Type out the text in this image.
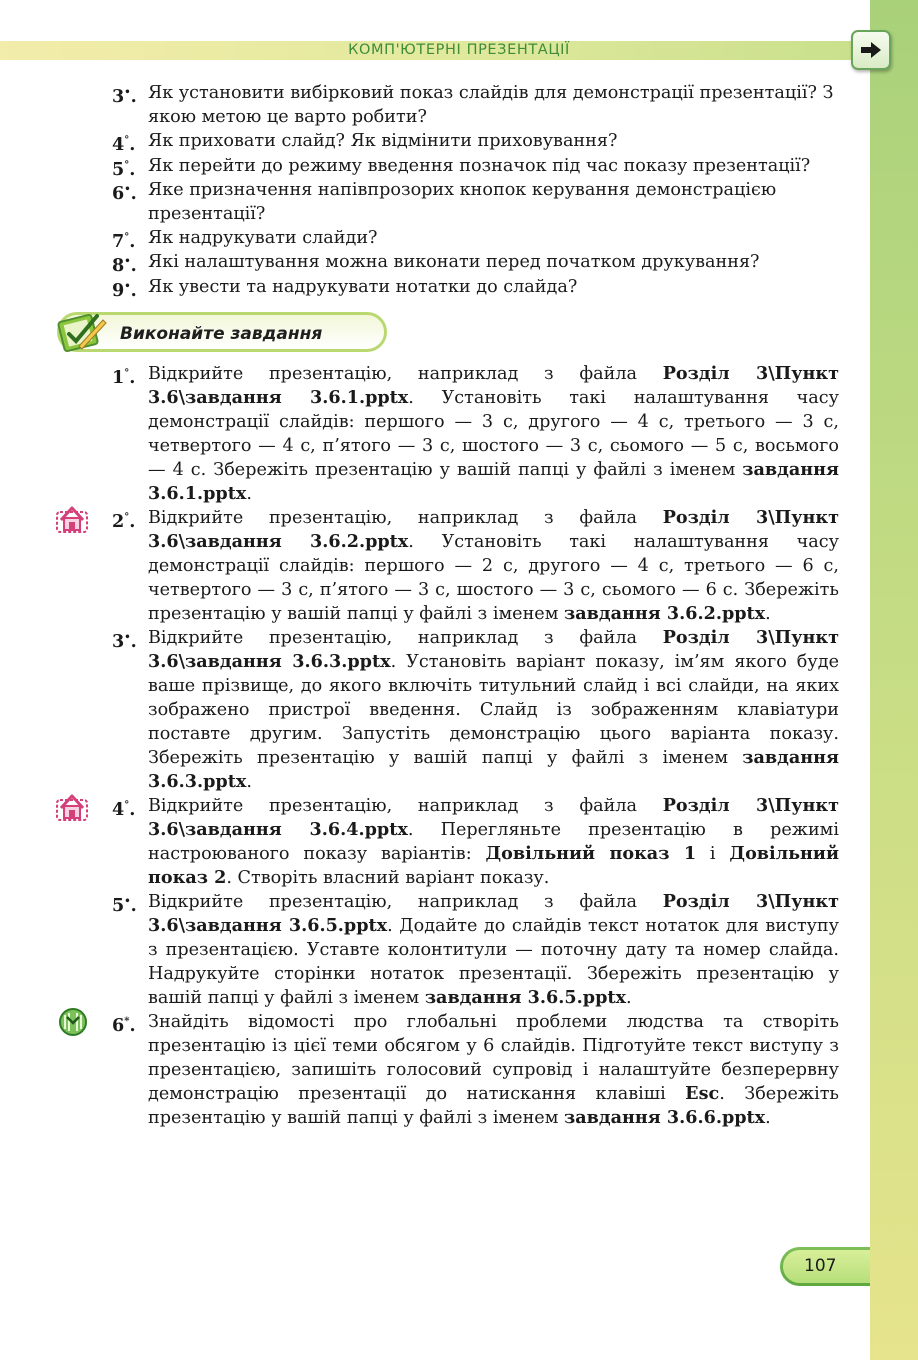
КОМП'ЮТЕРНІ ПРЕЗЕНТАЦІЇ
3•. Як установити вибірковий показ слайдів для демонстрації презентації? З якою метою це варто робити?
4°. Як приховати слайд? Як відмінити приховування?
5°. Як перейти до режиму введення позначок під час показу презентації?
6•. Яке призначення напівпрозорих кнопок керування демонстрацією презентації?
7°. Як надрукувати слайди?
8•. Які налаштування можна виконати перед початком друкування?
9•. Як увести та надрукувати нотатки до слайда?
Виконайте завдання
1°. Відкрийте презентацію, наприклад з файла Розділ 3\Пункт 3.6\завдання 3.6.1.pptx. Установіть такі налаштування часу демонстрації слайдів: першого — 3 с, другого — 4 с, третього — 3 с, четвертого — 4 с, п’ятого — 3 с, шостого — 3 с, сьомого — 5 с, восьмого — 4 с. Збережіть презентацію у вашій папці у файлі з іменем завдання 3.6.1.pptx.
2°. Відкрийте презентацію, наприклад з файла Розділ 3\Пункт 3.6\завдання 3.6.2.pptx. Установіть такі налаштування часу демонстрації слайдів: першого — 2 с, другого — 4 с, третього — 6 с, четвертого — 3 с, п’ятого — 3 с, шостого — 3 с, сьомого — 6 с. Збережіть презентацію у вашій папці у файлі з іменем завдання 3.6.2.pptx.
3•. Відкрийте презентацію, наприклад з файла Розділ 3\Пункт 3.6\завдання 3.6.3.pptx. Установіть варіант показу, ім’ям якого буде ваше прізвище, до якого включіть титульний слайд і всі слайди, на яких зображено пристрої введення. Слайд із зображенням клавіатури поставте другим. Запустіть демонстрацію цього варіанта показу. Збережіть презентацію у вашій папці у файлі з іменем завдання 3.6.3.pptx.
4°. Відкрийте презентацію, наприклад з файла Розділ 3\Пункт 3.6\завдання 3.6.4.pptx. Перегляньте презентацію в режимі настроюваного показу варіантів: Довільний показ 1 і Довільний показ 2. Створіть власний варіант показу.
5•. Відкрийте презентацію, наприклад з файла Розділ 3\Пункт 3.6\завдання 3.6.5.pptx. Додайте до слайдів текст нотаток для виступу з презентацією. Уставте колонтитули — поточну дату та номер слайда. Надрукуйте сторінки нотаток презентації. Збережіть презентацію у вашій папці у файлі з іменем завдання 3.6.5.pptx.
6*. Знайдіть відомості про глобальні проблеми людства та створіть презентацію із цієї теми обсягом у 6 слайдів. Підготуйте текст виступу з презентацією, запишіть голосовий супровід і налаштуйте безперервну демонстрацію презентації до натискання клавіші Esc. Збережіть презентацію у вашій папці у файлі з іменем завдання 3.6.6.pptx.
107
